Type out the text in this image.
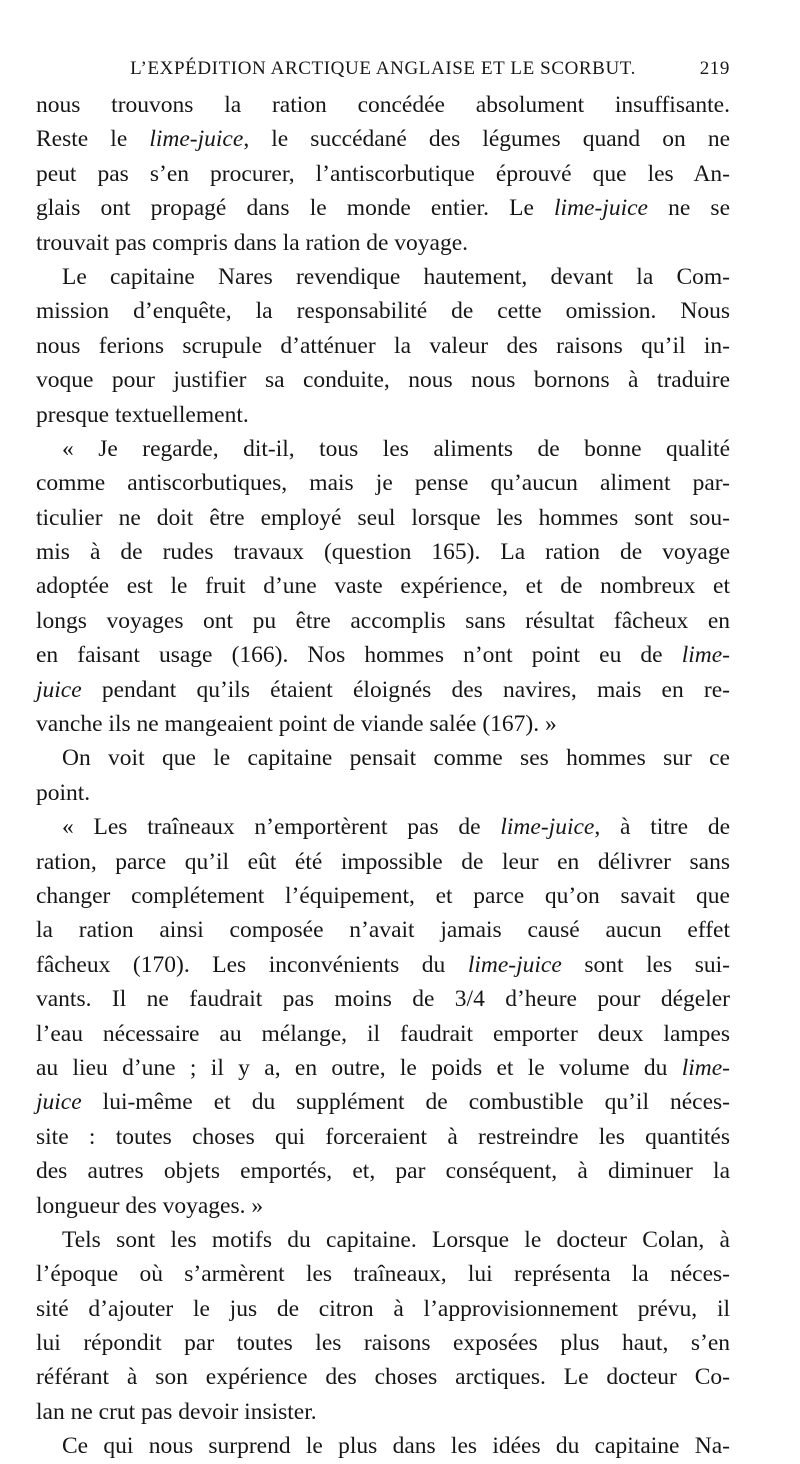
L’EXPÉDITION ARCTIQUE ANGLAISE ET LE SCORBUT.	219
nous trouvons la ration concédée absolument insuffisante.
Reste le lime-juice, le succédané des légumes quand on ne
peut pas s’en procurer, l’antiscorbutique éprouvé que les An-
glais ont propagé dans le monde entier. Le lime-juice ne se
trouvait pas compris dans la ration de voyage.
Le capitaine Nares revendique hautement, devant la Com-
mission d’enquête, la responsabilité de cette omission. Nous
nous ferions scrupule d’atténuer la valeur des raisons qu’il in-
voque pour justifier sa conduite, nous nous bornons à traduire
presque textuellement.
« Je regarde, dit-il, tous les aliments de bonne qualité
comme antiscorbutiques, mais je pense qu’aucun aliment par-
ticulier ne doit être employé seul lorsque les hommes sont sou-
mis à de rudes travaux (question 165). La ration de voyage
adoptée est le fruit d’une vaste expérience, et de nombreux et
longs voyages ont pu être accomplis sans résultat fâcheux en
en faisant usage (166). Nos hommes n’ont point eu de lime-
juice pendant qu’ils étaient éloignés des navires, mais en re-
vanche ils ne mangeaient point de viande salée (167). »
On voit que le capitaine pensait comme ses hommes sur ce
point.
« Les traîneaux n’emportèrent pas de lime-juice, à titre de
ration, parce qu’il eût été impossible de leur en délivrer sans
changer complétement l’équipement, et parce qu’on savait que
la ration ainsi composée n’avait jamais causé aucun effet
fâcheux (170). Les inconvénients du lime-juice sont les sui-
vants. Il ne faudrait pas moins de 3/4 d’heure pour dégeler
l’eau nécessaire au mélange, il faudrait emporter deux lampes
au lieu d’une ; il y a, en outre, le poids et le volume du lime-
juice lui-même et du supplément de combustible qu’il néces-
site : toutes choses qui forceraient à restreindre les quantités
des autres objets emportés, et, par conséquent, à diminuer la
longueur des voyages. »
Tels sont les motifs du capitaine. Lorsque le docteur Colan, à
l’époque où s’armèrent les traîneaux, lui représenta la néces-
sité d’ajouter le jus de citron à l’approvisionnement prévu, il
lui répondit par toutes les raisons exposées plus haut, s’en
référant à son expérience des choses arctiques. Le docteur Co-
lan ne crut pas devoir insister.
Ce qui nous surprend le plus dans les idées du capitaine Na-
